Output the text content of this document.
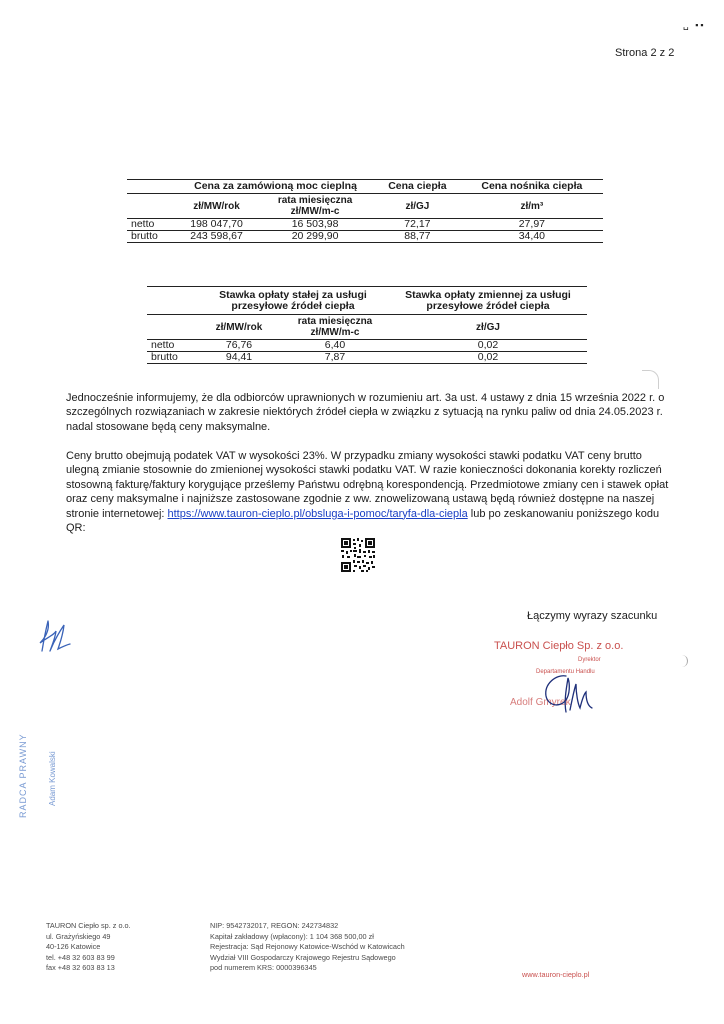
␣ ▪▪
Strona 2 z 2
	Cena za zamówioną moc cieplną		Cena ciepła	Cena nośnika ciepła
	zł/MW/rok	rata miesięczna zł/MW/m-c	zł/GJ	zł/m³
netto	198 047,70	16 503,98	72,17	27,97
brutto	243 598,67	20 299,90	88,77	34,40
	Stawka opłaty stałej za usługi przesyłowe źródeł ciepła		Stawka opłaty zmiennej za usługi przesyłowe źródeł ciepła
	zł/MW/rok	rata miesięczna zł/MW/m-c	zł/GJ
netto	76,76	6,40	0,02
brutto	94,41	7,87	0,02

Jednocześnie informujemy, że dla odbiorców uprawnionych w rozumieniu art. 3a ust. 4 ustawy z dnia 15 września 2022 r. o szczególnych rozwiązaniach w zakresie niektórych źródeł ciepła w związku z sytuacją na rynku paliw od dnia 24.05.2023 r. nadal stosowane będą ceny maksymalne.

Ceny brutto obejmują podatek VAT w wysokości 23%. W przypadku zmiany wysokości stawki podatku VAT ceny brutto ulegną zmianie stosownie do zmienionej wysokości stawki podatku VAT. W razie konieczności dokonania korekty rozliczeń stosowną fakturę/faktury korygujące prześlemy Państwu odrębną korespondencją. Przedmiotowe zmiany cen i stawek opłat oraz ceny maksymalne i najniższe zastosowane zgodnie z ww. znowelizowaną ustawą będą również dostępne na naszej stronie internetowej: https://www.tauron-cieplo.pl/obsluga-i-pomoc/taryfa-dla-ciepla lub po zeskanowaniu poniższego kodu QR:

Łączymy wyrazy szacunku
TAURON Ciepło Sp. z o.o.
Dyrektor
Departamentu Handlu
Adolf Gmyrek
RADCA PRAWNY	Adam Kowalski
TAURON Ciepło sp. z o.o.
ul. Grażyńskiego 49
40-126 Katowice
tel. +48 32 603 83 99
fax +48 32 603 83 13
NIP: 9542732017, REGON: 242734832
Kapitał zakładowy (wpłacony): 1 104 368 500,00 zł
Rejestracja: Sąd Rejonowy Katowice-Wschód w Katowicach
Wydział VIII Gospodarczy Krajowego Rejestru Sądowego
pod numerem KRS: 0000396345
www.tauron-cieplo.pl
